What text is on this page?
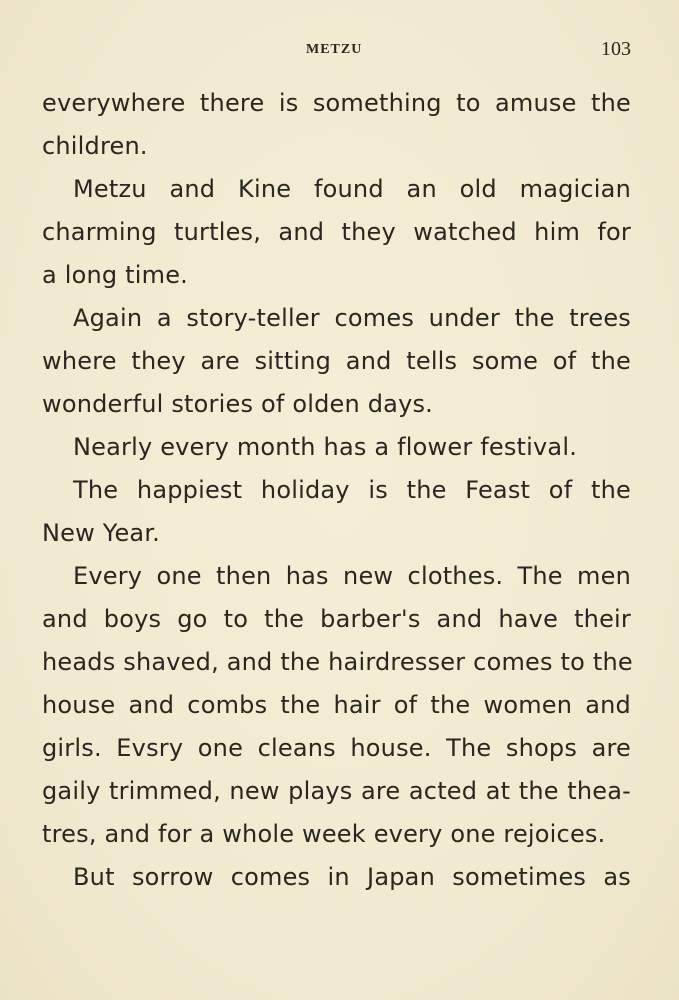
METZU	103
everywhere there is something to amuse the
children.
Metzu and Kine found an old magician
charming turtles, and they watched him for
a long time.
Again a story-teller comes under the trees
where they are sitting and tells some of the
wonderful stories of olden days.
Nearly every month has a flower festival.
The happiest holiday is the Feast of the
New Year.
Every one then has new clothes. The men
and boys go to the barber's and have their
heads shaved, and the hairdresser comes to the
house and combs the hair of the women and
girls. Evsry one cleans house. The shops are
gaily trimmed, new plays are acted at the thea-
tres, and for a whole week every one rejoices.
But sorrow comes in Japan sometimes as
